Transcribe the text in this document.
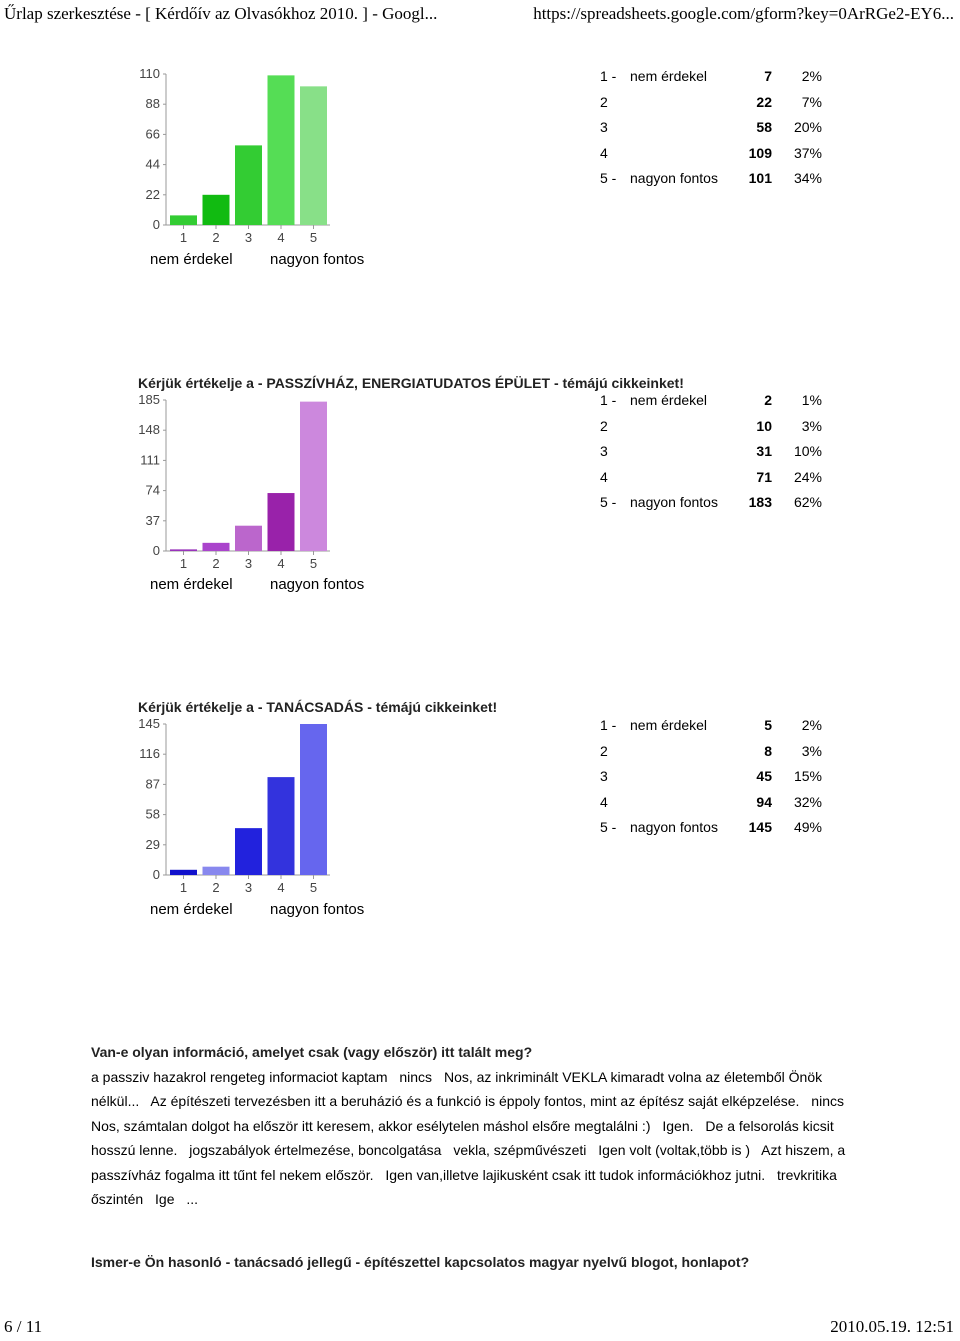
Űrlap szerkesztése - [ Kérdőív az Olvasókhoz 2010. ] - Googl...	https://spreadsheets.google.com/gform?key=0ArRGe2-EY6...
0
22
44
66
88
110
1 2 3 4 5
nem érdekel nagyon fontos
1 - nem érdekel	7	2%
2	22	7%
3	58	20%
4	109	37%
5 - nagyon fontos	101	34%
Kérjük értékelje a - PASSZÍVHÁZ, ENERGIATUDATOS ÉPÜLET - témájú cikkeinket!
0
37
74
111
148
185
1 2 3 4 5
nem érdekel nagyon fontos
1 - nem érdekel	2	1%
2	10	3%
3	31	10%
4	71	24%
5 - nagyon fontos	183	62%
Kérjük értékelje a - TANÁCSADÁS - témájú cikkeinket!
0
29
58
87
116
145
1 2 3 4 5
nem érdekel nagyon fontos
1 - nem érdekel	5	2%
2	8	3%
3	45	15%
4	94	32%
5 - nagyon fontos	145	49%
Van-e olyan információ, amelyet csak (vagy először) itt talált meg?
a passziv hazakrol rengeteg informaciot kaptam nincs Nos, az inkriminált VEKLA kimaradt volna az életemből Önök nélkül... Az építészeti tervezésben itt a beruházió és a funkció is éppoly fontos, mint az építész saját elképzelése. nincs Nos, számtalan dolgot ha először itt keresem, akkor esélytelen máshol elsőre megtalálni :) Igen. De a felsorolás kicsit hosszú lenne. jogszabályok értelmezése, boncolgatása vekla, szépművészeti Igen volt (voltak,több is ) Azt hiszem, a passzívház fogalma itt tűnt fel nekem először. Igen van,illetve lajikusként csak itt tudok információkhoz jutni. trevkritika őszintén Ige ...
Ismer-e Ön hasonló - tanácsadó jellegű - építészettel kapcsolatos magyar nyelvű blogot, honlapot?
6 / 11	2010.05.19. 12:51
